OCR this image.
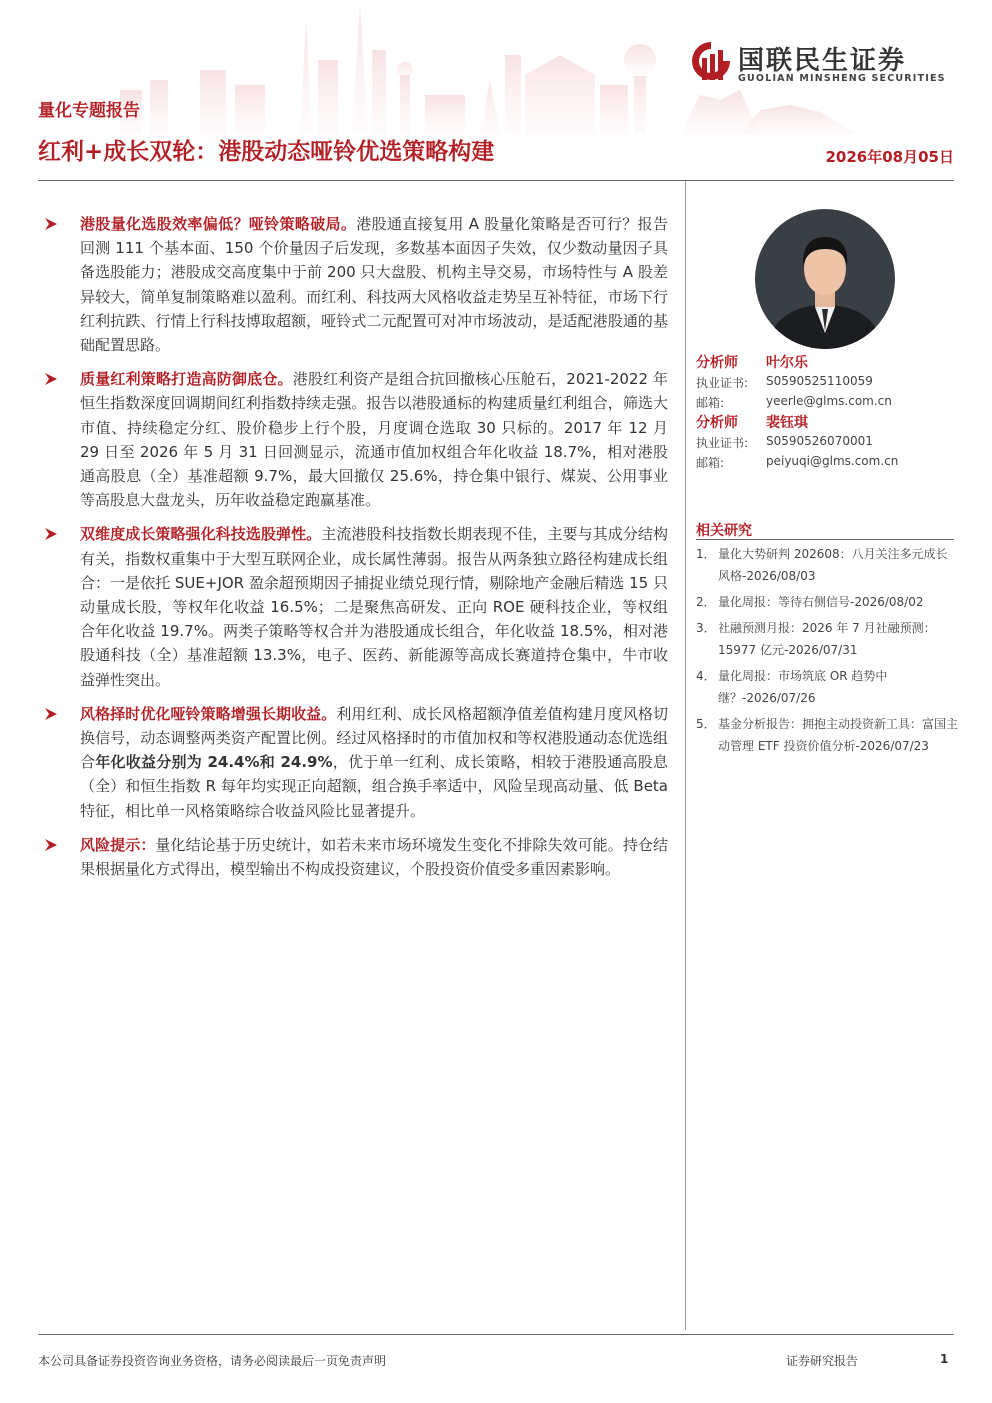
国联民生证券
GUOLIAN MINSHENG SECURITIES
量化专题报告
红利+成长双轮：港股动态哑铃优选策略构建	2026年08月05日
港股量化选股效率偏低？哑铃策略破局。港股通直接复用 A 股量化策略是否可行？报告回测 111 个基本面、150 个价量因子后发现，多数基本面因子失效，仅少数动量因子具备选股能力；港股成交高度集中于前 200 只大盘股、机构主导交易，市场特性与 A 股差异较大，简单复制策略难以盈利。而红利、科技两大风格收益走势呈互补特征，市场下行红利抗跌、行情上行科技博取超额，哑铃式二元配置可对冲市场波动，是适配港股通的基础配置思路。
质量红利策略打造高防御底仓。港股红利资产是组合抗回撤核心压舱石，2021-2022 年恒生指数深度回调期间红利指数持续走强。报告以港股通标的构建质量红利组合，筛选大市值、持续稳定分红、股价稳步上行个股，月度调仓选取 30 只标的。2017 年 12 月 29 日至 2026 年 5 月 31 日回测显示，流通市值加权组合年化收益 18.7%，相对港股通高股息（全）基准超额 9.7%，最大回撤仅 25.6%，持仓集中银行、煤炭、公用事业等高股息大盘龙头，历年收益稳定跑赢基准。
双维度成长策略强化科技选股弹性。主流港股科技指数长期表现不佳，主要与其成分结构有关，指数权重集中于大型互联网企业，成长属性薄弱。报告从两条独立路径构建成长组合：一是依托 SUE+JOR 盈余超预期因子捕捉业绩兑现行情，剔除地产金融后精选 15 只动量成长股，等权年化收益 16.5%；二是聚焦高研发、正向 ROE 硬科技企业，等权组合年化收益 19.7%。两类子策略等权合并为港股通成长组合，年化收益 18.5%，相对港股通科技（全）基准超额 13.3%，电子、医药、新能源等高成长赛道持仓集中，牛市收益弹性突出。
风格择时优化哑铃策略增强长期收益。利用红利、成长风格超额净值差值构建月度风格切换信号，动态调整两类资产配置比例。经过风格择时的市值加权和等权港股通动态优选组合年化收益分别为 24.4%和 24.9%，优于单一红利、成长策略，相较于港股通高股息（全）和恒生指数 R 每年均实现正向超额，组合换手率适中，风险呈现高动量、低 Beta 特征，相比单一风格策略综合收益风险比显著提升。
风险提示：量化结论基于历史统计，如若未来市场环境发生变化不排除失效可能。持仓结果根据量化方式得出，模型输出不构成投资建议，个股投资价值受多重因素影响。
分析师 叶尔乐
执业证书: S0590525110059
邮箱:	yeerle@glms.com.cn
分析师 裴钰琪
执业证书: S0590526070001
邮箱:	peiyuqi@glms.com.cn
相关研究
1． 量化大势研判 202608：八月关注多元成长风格-2026/08/03
2． 量化周报：等待右侧信号-2026/08/02
3． 社融预测月报：2026 年 7 月社融预测：15977 亿元-2026/07/31
4． 量化周报：市场筑底 OR 趋势中继？-2026/07/26
5． 基金分析报告：拥抱主动投资新工具：富国主动管理 ETF 投资价值分析-2026/07/23
本公司具备证券投资咨询业务资格，请务必阅读最后一页免责声明	证券研究报告	1
